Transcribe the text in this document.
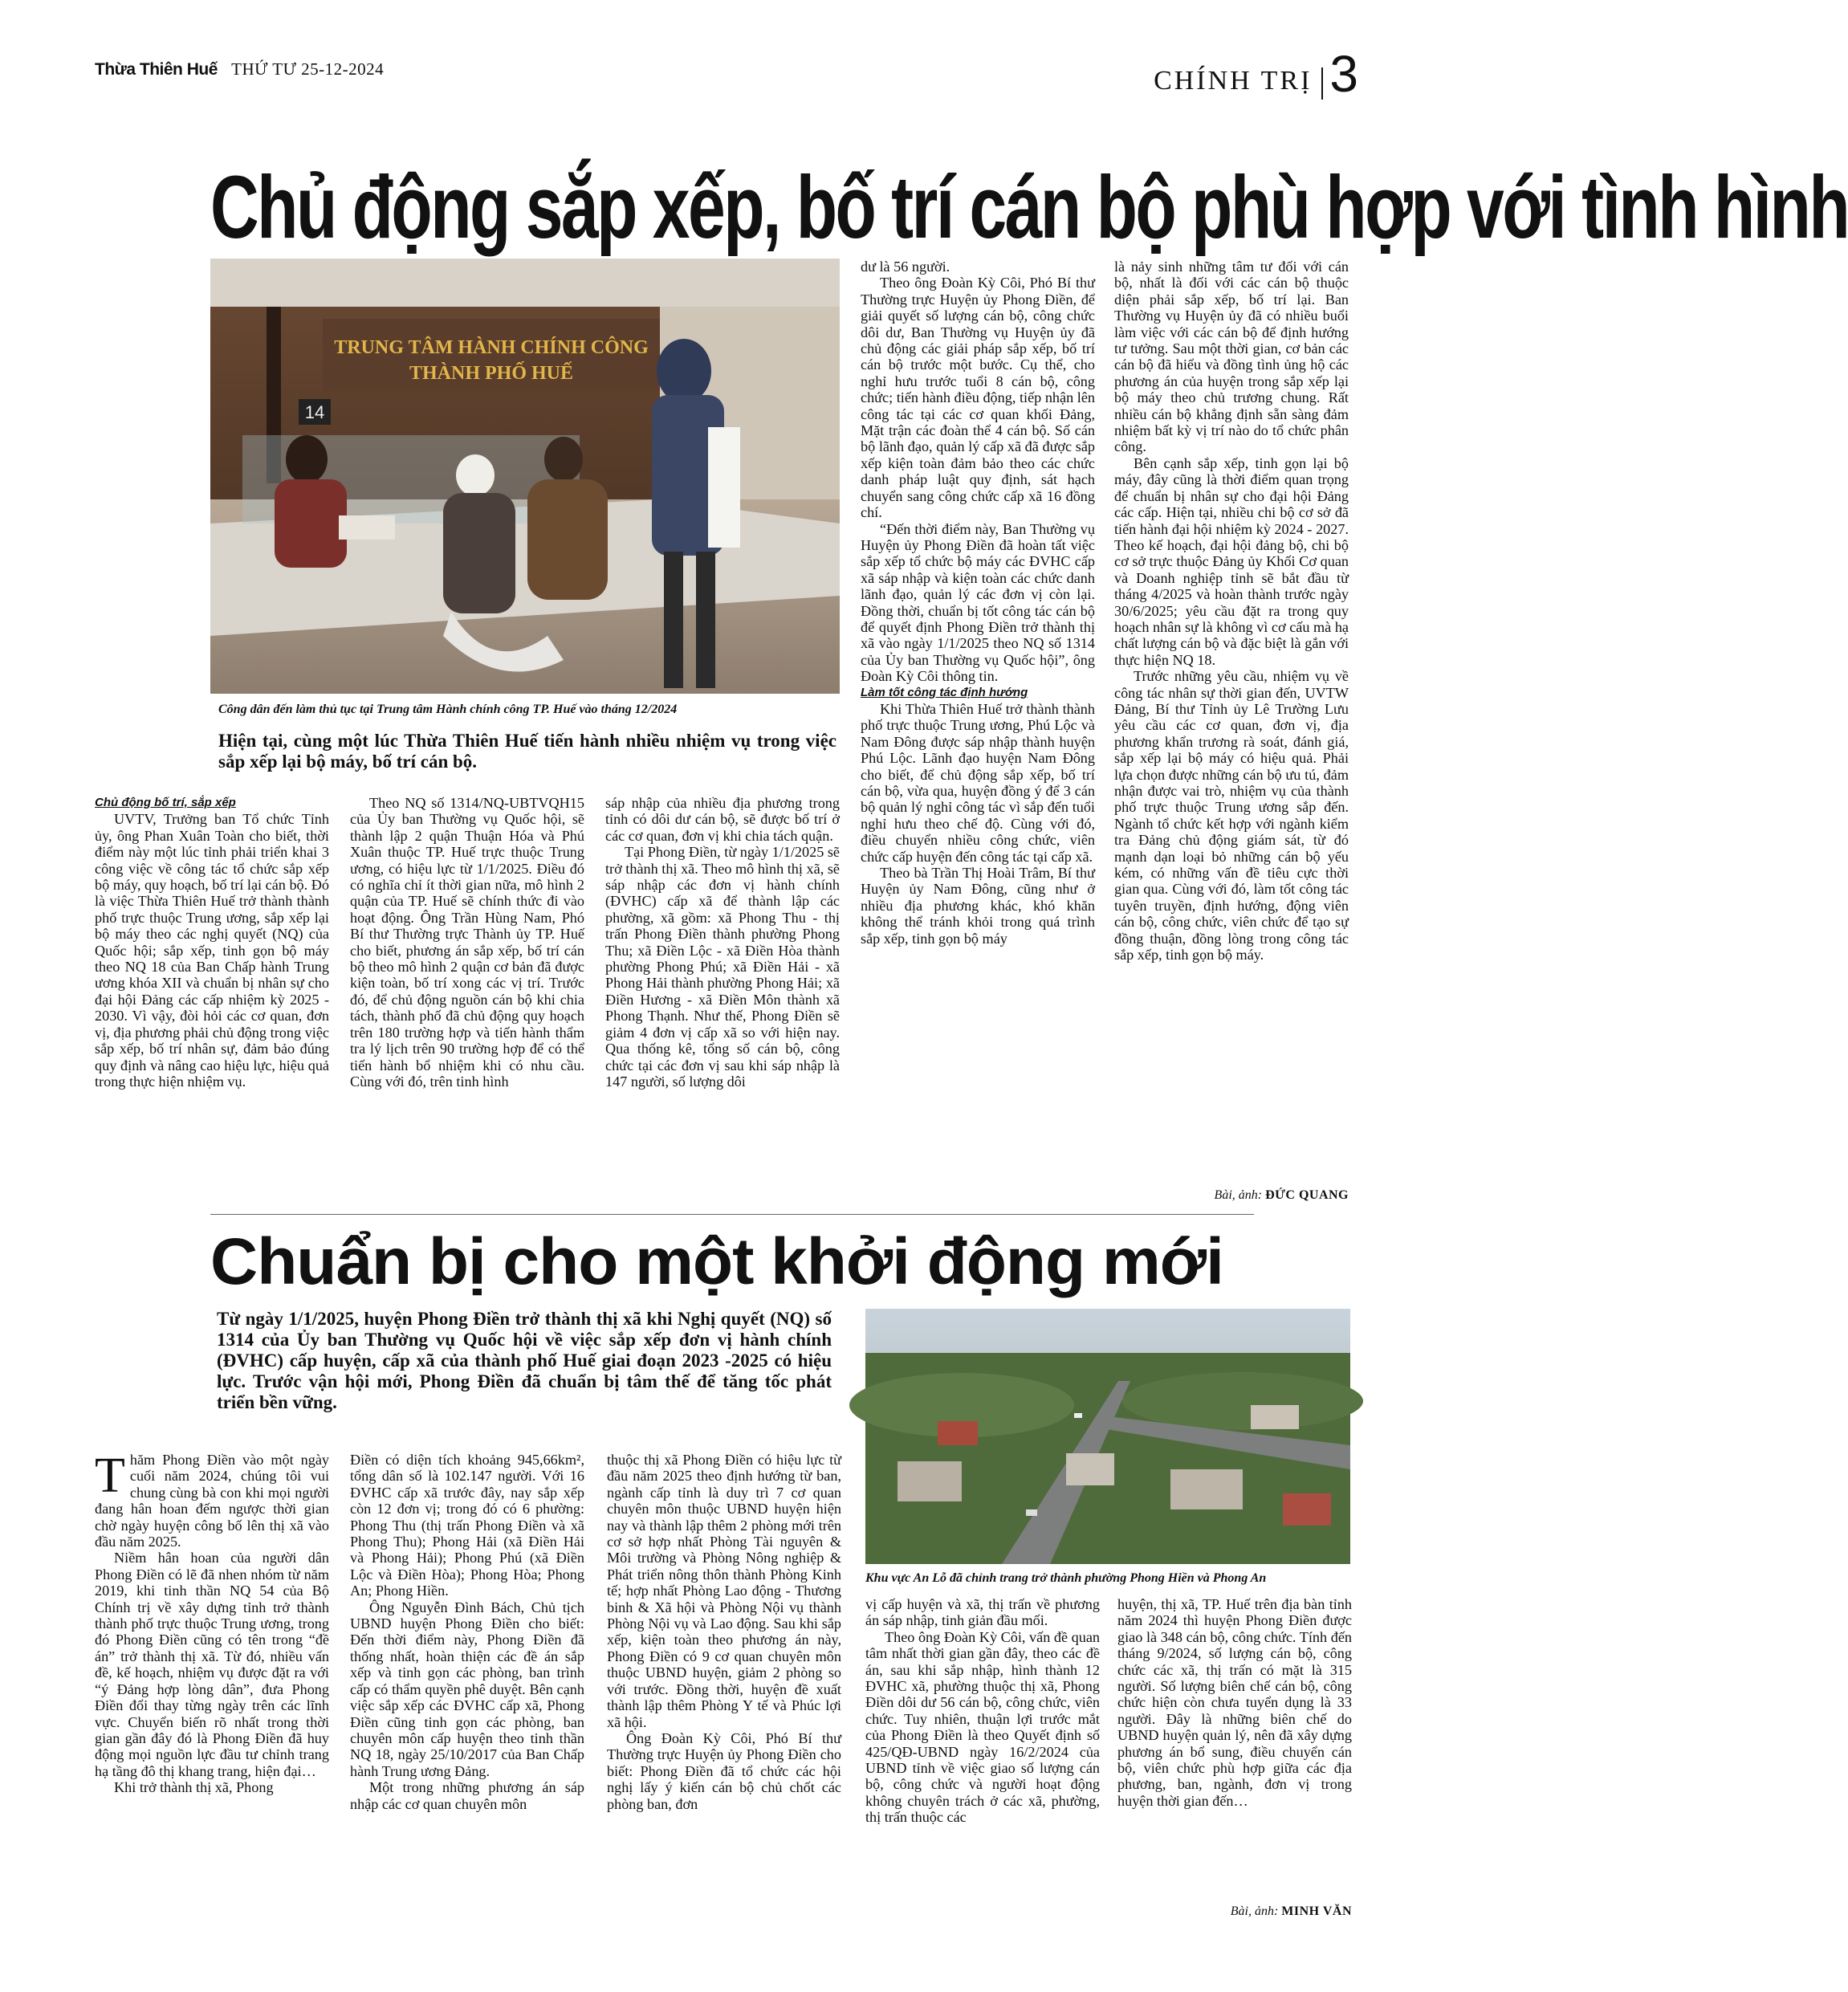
Thừa Thiên Huế THỨ TƯ 25-12-2024	CHÍNH TRỊ 3
Chủ động sắp xếp, bố trí cán bộ phù hợp với tình hình
TRUNG TÂM HÀNH CHÍNH CÔNG
THÀNH PHỐ HUẾ
14
Công dân đến làm thủ tục tại Trung tâm Hành chính công TP. Huế vào tháng 12/2024
Hiện tại, cùng một lúc Thừa Thiên Huế tiến hành nhiều nhiệm vụ trong việc sắp xếp lại bộ máy, bố trí cán bộ.
Chủ động bố trí, sắp xếp

UVTV, Trưởng ban Tổ chức Tỉnh ủy, ông Phan Xuân Toàn cho biết, thời điểm này một lúc tỉnh phải triển khai 3 công việc về công tác tổ chức sắp xếp bộ máy, quy hoạch, bố trí lại cán bộ. Đó là việc Thừa Thiên Huế trở thành thành phố trực thuộc Trung ương, sắp xếp lại bộ máy theo các nghị quyết (NQ) của Quốc hội; sắp xếp, tinh gọn bộ máy theo NQ 18 của Ban Chấp hành Trung ương khóa XII và chuẩn bị nhân sự cho đại hội Đảng các cấp nhiệm kỳ 2025 - 2030. Vì vậy, đòi hỏi các cơ quan, đơn vị, địa phương phải chủ động trong việc sắp xếp, bố trí nhân sự, đảm bảo đúng quy định và nâng cao hiệu lực, hiệu quả trong thực hiện nhiệm vụ.

Theo NQ số 1314/NQ-UBTVQH15 của Ủy ban Thường vụ Quốc hội, sẽ thành lập 2 quận Thuận Hóa và Phú Xuân thuộc TP. Huế trực thuộc Trung ương, có hiệu lực từ 1/1/2025. Điều đó có nghĩa chỉ ít thời gian nữa, mô hình 2 quận của TP. Huế sẽ chính thức đi vào hoạt động. Ông Trần Hùng Nam, Phó Bí thư Thường trực Thành ủy TP. Huế cho biết, phương án sắp xếp, bố trí cán bộ theo mô hình 2 quận cơ bản đã được kiện toàn, bố trí xong các vị trí. Trước đó, để chủ động nguồn cán bộ khi chia tách, thành phố đã chủ động quy hoạch trên 180 trường hợp và tiến hành thẩm tra lý lịch trên 90 trường hợp để có thể tiến hành bổ nhiệm khi có nhu cầu. Cùng với đó, trên tinh hình

sáp nhập của nhiều địa phương trong tỉnh có dôi dư cán bộ, sẽ được bố trí ở các cơ quan, đơn vị khi chia tách quận.

Tại Phong Điền, từ ngày 1/1/2025 sẽ trở thành thị xã. Theo mô hình thị xã, sẽ sáp nhập các đơn vị hành chính (ĐVHC) cấp xã để thành lập các phường, xã gồm: xã Phong Thu - thị trấn Phong Điền thành phường Phong Thu; xã Điền Lộc - xã Điền Hòa thành phường Phong Phú; xã Điền Hải - xã Phong Hải thành phường Phong Hải; xã Điền Hương - xã Điền Môn thành xã Phong Thạnh. Như thế, Phong Điền sẽ giảm 4 đơn vị cấp xã so với hiện nay. Qua thống kê, tổng số cán bộ, công chức tại các đơn vị sau khi sáp nhập là 147 người, số lượng dôi

dư là 56 người.

Theo ông Đoàn Kỳ Côi, Phó Bí thư Thường trực Huyện ủy Phong Điền, để giải quyết số lượng cán bộ, công chức dôi dư, Ban Thường vụ Huyện ủy đã chủ động các giải pháp sắp xếp, bố trí cán bộ trước một bước. Cụ thể, cho nghỉ hưu trước tuổi 8 cán bộ, công chức; tiến hành điều động, tiếp nhận lên công tác tại các cơ quan khối Đảng, Mặt trận các đoàn thể 4 cán bộ. Số cán bộ lãnh đạo, quản lý cấp xã đã được sắp xếp kiện toàn đảm bảo theo các chức danh pháp luật quy định, sát hạch chuyển sang công chức cấp xã 16 đồng chí.

“Đến thời điểm này, Ban Thường vụ Huyện ủy Phong Điền đã hoàn tất việc sắp xếp tổ chức bộ máy các ĐVHC cấp xã sáp nhập và kiện toàn các chức danh lãnh đạo, quản lý các đơn vị còn lại. Đồng thời, chuẩn bị tốt công tác cán bộ để quyết định Phong Điền trở thành thị xã vào ngày 1/1/2025 theo NQ số 1314 của Ủy ban Thường vụ Quốc hội”, ông Đoàn Kỳ Côi thông tin.

Làm tốt công tác định hướng

Khi Thừa Thiên Huế trở thành thành phố trực thuộc Trung ương, Phú Lộc và Nam Đông được sáp nhập thành huyện Phú Lộc. Lãnh đạo huyện Nam Đông cho biết, để chủ động sắp xếp, bố trí cán bộ, vừa qua, huyện đồng ý để 3 cán bộ quản lý nghỉ công tác vì sắp đến tuổi nghỉ hưu theo chế độ. Cùng với đó, điều chuyển nhiều công chức, viên chức cấp huyện đến công tác tại cấp xã.

Theo bà Trần Thị Hoài Trâm, Bí thư Huyện ủy Nam Đông, cũng như ở nhiều địa phương khác, khó khăn không thể tránh khỏi trong quá trình sắp xếp, tinh gọn bộ máy

là nảy sinh những tâm tư đối với cán bộ, nhất là đối với các cán bộ thuộc diện phải sắp xếp, bố trí lại. Ban Thường vụ Huyện ủy đã có nhiều buổi làm việc với các cán bộ để định hướng tư tưởng. Sau một thời gian, cơ bản các cán bộ đã hiểu và đồng tình ủng hộ các phương án của huyện trong sắp xếp lại bộ máy theo chủ trương chung. Rất nhiều cán bộ khẳng định sẵn sàng đảm nhiệm bất kỳ vị trí nào do tổ chức phân công.

Bên cạnh sắp xếp, tinh gọn lại bộ máy, đây cũng là thời điểm quan trọng để chuẩn bị nhân sự cho đại hội Đảng các cấp. Hiện tại, nhiều chi bộ cơ sở đã tiến hành đại hội nhiệm kỳ 2024 - 2027. Theo kế hoạch, đại hội đảng bộ, chi bộ cơ sở trực thuộc Đảng ủy Khối Cơ quan và Doanh nghiệp tỉnh sẽ bắt đầu từ tháng 4/2025 và hoàn thành trước ngày 30/6/2025; yêu cầu đặt ra trong quy hoạch nhân sự là không vì cơ cấu mà hạ chất lượng cán bộ và đặc biệt là gắn với thực hiện NQ 18.

Trước những yêu cầu, nhiệm vụ về công tác nhân sự thời gian đến, UVTW Đảng, Bí thư Tỉnh ủy Lê Trường Lưu yêu cầu các cơ quan, đơn vị, địa phương khẩn trương rà soát, đánh giá, sắp xếp lại bộ máy có hiệu quả. Phải lựa chọn được những cán bộ ưu tú, đảm nhận được vai trò, nhiệm vụ của thành phố trực thuộc Trung ương sắp đến. Ngành tổ chức kết hợp với ngành kiểm tra Đảng chủ động giám sát, từ đó mạnh dạn loại bỏ những cán bộ yếu kém, có những vấn đề tiêu cực thời gian qua. Cùng với đó, làm tốt công tác tuyên truyền, định hướng, động viên cán bộ, công chức, viên chức để tạo sự đồng thuận, đồng lòng trong công tác sắp xếp, tinh gọn bộ máy.

Bài, ảnh: ĐỨC QUANG
Chuẩn bị cho một khởi động mới
Từ ngày 1/1/2025, huyện Phong Điền trở thành thị xã khi Nghị quyết (NQ) số 1314 của Ủy ban Thường vụ Quốc hội về việc sắp xếp đơn vị hành chính (ĐVHC) cấp huyện, cấp xã của thành phố Huế giai đoạn 2023 -2025 có hiệu lực. Trước vận hội mới, Phong Điền đã chuẩn bị tâm thế để tăng tốc phát triển bền vững.
Khu vực An Lỗ đã chỉnh trang trở thành phường Phong Hiền và Phong An

Thăm Phong Điền vào một ngày cuối năm 2024, chúng tôi vui chung cùng bà con khi mọi người đang hân hoan đếm ngược thời gian chờ ngày huyện công bố lên thị xã vào đầu năm 2025.

Niềm hân hoan của người dân Phong Điền có lẽ đã nhen nhóm từ năm 2019, khi tinh thần NQ 54 của Bộ Chính trị về xây dựng tỉnh trở thành thành phố trực thuộc Trung ương, trong đó Phong Điền cũng có tên trong “đề án” trở thành thị xã. Từ đó, nhiều vấn đề, kế hoạch, nhiệm vụ được đặt ra với “ý Đảng hợp lòng dân”, đưa Phong Điền đổi thay từng ngày trên các lĩnh vực. Chuyển biến rõ nhất trong thời gian gần đây đó là Phong Điền đã huy động mọi nguồn lực đầu tư chỉnh trang hạ tầng đô thị khang trang, hiện đại…

Khi trở thành thị xã, Phong

Điền có diện tích khoảng 945,66km², tổng dân số là 102.147 người. Với 16 ĐVHC cấp xã trước đây, nay sắp xếp còn 12 đơn vị; trong đó có 6 phường: Phong Thu (thị trấn Phong Điền và xã Phong Thu); Phong Hải (xã Điền Hải và Phong Hải); Phong Phú (xã Điền Lộc và Điền Hòa); Phong Hòa; Phong An; Phong Hiền.

Ông Nguyễn Đình Bách, Chủ tịch UBND huyện Phong Điền cho biết: Đến thời điểm này, Phong Điền đã thống nhất, hoàn thiện các đề án sắp xếp và tinh gọn các phòng, ban trình cấp có thẩm quyền phê duyệt. Bên cạnh việc sắp xếp các ĐVHC cấp xã, Phong Điền cũng tinh gọn các phòng, ban chuyên môn cấp huyện theo tinh thần NQ 18, ngày 25/10/2017 của Ban Chấp hành Trung ương Đảng.

Một trong những phương án sáp nhập các cơ quan chuyên môn

thuộc thị xã Phong Điền có hiệu lực từ đầu năm 2025 theo định hướng từ ban, ngành cấp tỉnh là duy trì 7 cơ quan chuyên môn thuộc UBND huyện hiện nay và thành lập thêm 2 phòng mới trên cơ sở hợp nhất Phòng Tài nguyên & Môi trường và Phòng Nông nghiệp & Phát triển nông thôn thành Phòng Kinh tế; hợp nhất Phòng Lao động - Thương binh & Xã hội và Phòng Nội vụ thành Phòng Nội vụ và Lao động. Sau khi sắp xếp, kiện toàn theo phương án này, Phong Điền có 9 cơ quan chuyên môn thuộc UBND huyện, giảm 2 phòng so với trước. Đồng thời, huyện đề xuất thành lập thêm Phòng Y tế và Phúc lợi xã hội.

Ông Đoàn Kỳ Côi, Phó Bí thư Thường trực Huyện ủy Phong Điền cho biết: Phong Điền đã tổ chức các hội nghị lấy ý kiến cán bộ chủ chốt các phòng ban, đơn

vị cấp huyện và xã, thị trấn về phương án sáp nhập, tinh giản đầu mối.

Theo ông Đoàn Kỳ Côi, vấn đề quan tâm nhất thời gian gần đây, theo các đề án, sau khi sắp nhập, hình thành 12 ĐVHC xã, phường thuộc thị xã, Phong Điền dôi dư 56 cán bộ, công chức, viên chức. Tuy nhiên, thuận lợi trước mắt của Phong Điền là theo Quyết định số 425/QĐ-UBND ngày 16/2/2024 của UBND tỉnh về việc giao số lượng cán bộ, công chức và người hoạt động không chuyên trách ở các xã, phường, thị trấn thuộc các

huyện, thị xã, TP. Huế trên địa bàn tỉnh năm 2024 thì huyện Phong Điền được giao là 348 cán bộ, công chức. Tính đến tháng 9/2024, số lượng cán bộ, công chức các xã, thị trấn có mặt là 315 người. Số lượng biên chế cán bộ, công chức hiện còn chưa tuyển dụng là 33 người. Đây là những biên chế do UBND huyện quản lý, nên đã xây dựng phương án bổ sung, điều chuyển cán bộ, viên chức phù hợp giữa các địa phương, ban, ngành, đơn vị trong huyện thời gian đến…

Bài, ảnh: MINH VĂN
